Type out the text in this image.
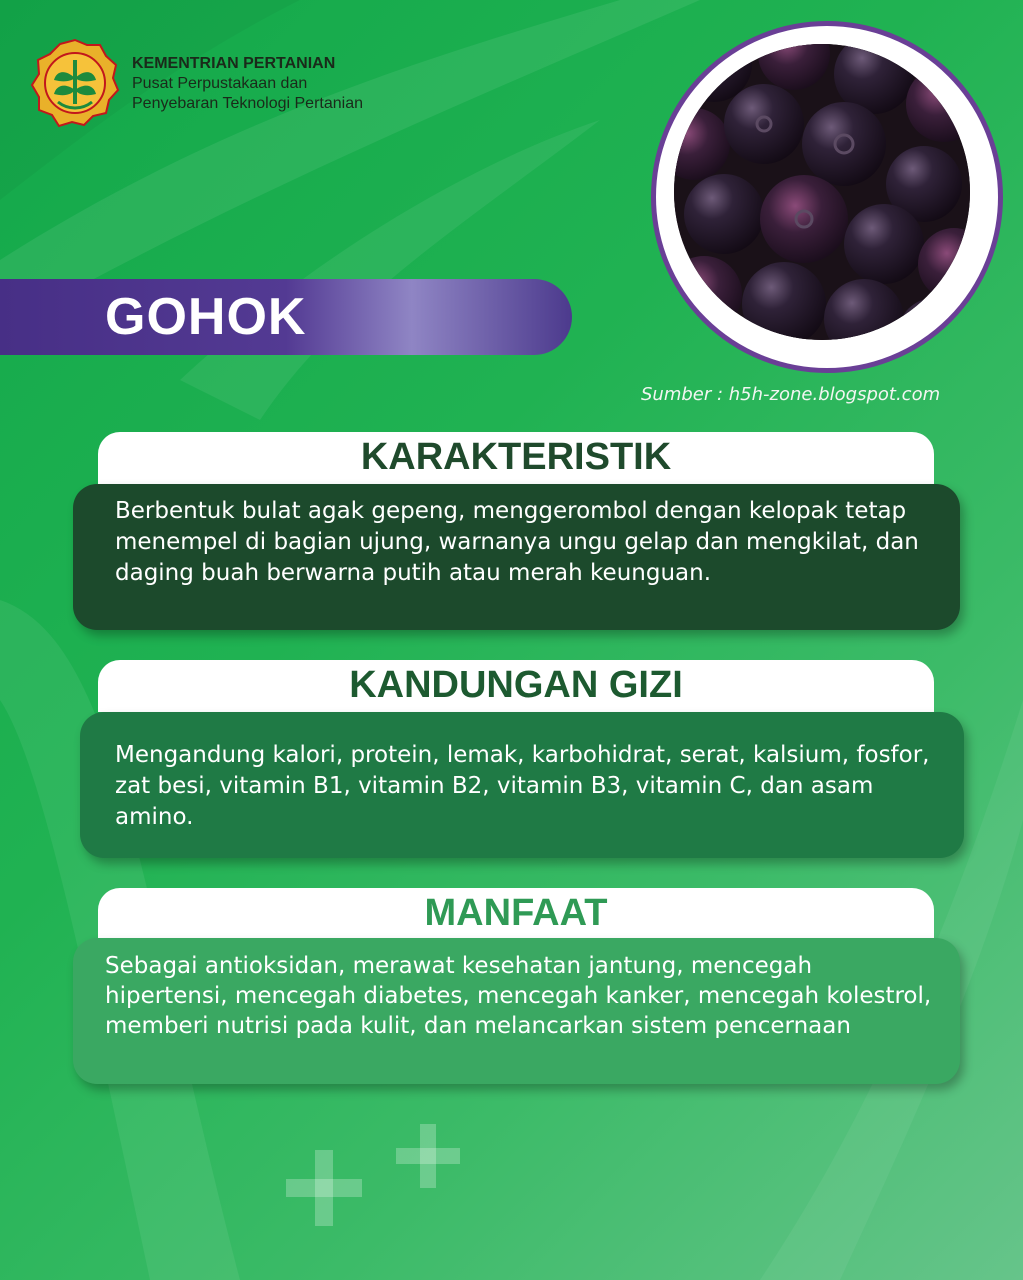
KEMENTRIAN PERTANIAN
Pusat Perpustakaan dan
Penyebaran Teknologi Pertanian
GOHOK
Sumber : h5h-zone.blogspot.com
KARAKTERISTIK
Berbentuk bulat agak gepeng, menggerombol dengan kelopak tetap menempel di bagian ujung, warnanya ungu gelap dan mengkilat, dan daging buah berwarna putih atau merah keunguan.
KANDUNGAN GIZI
Mengandung kalori, protein, lemak, karbohidrat, serat, kalsium, fosfor, zat besi, vitamin B1, vitamin B2, vitamin B3, vitamin C, dan asam amino.
MANFAAT
Sebagai antioksidan, merawat kesehatan jantung, mencegah hipertensi, mencegah diabetes, mencegah kanker, mencegah kolestrol, memberi nutrisi pada kulit, dan melancarkan sistem pencernaan
